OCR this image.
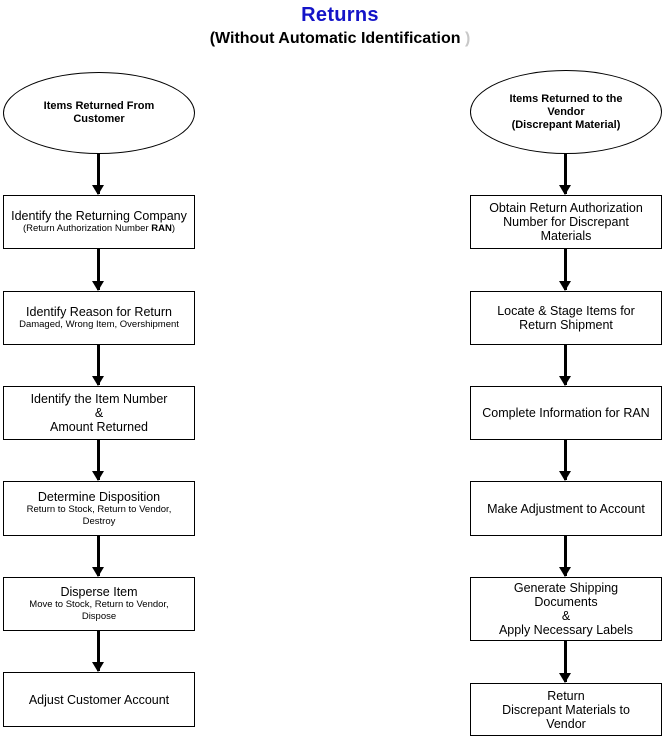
Returns
(Without Automatic Identification )
Items Returned From
Customer
Identify the Returning Company
(Return Authorization Number RAN)
Identify Reason for Return
Damaged, Wrong Item, Overshipment
Identify the Item Number
&
Amount Returned
Determine Disposition
Return to Stock, Return to Vendor, Destroy
Disperse Item
Move to Stock, Return to Vendor, Dispose
Adjust Customer Account
Items Returned to the
Vendor
(Discrepant Material)
Obtain Return Authorization Number for Discrepant Materials
Locate & Stage Items for Return Shipment
Complete Information for RAN
Make Adjustment to Account
Generate Shipping Documents
&
Apply Necessary Labels
Return
Discrepant Materials to
Vendor
